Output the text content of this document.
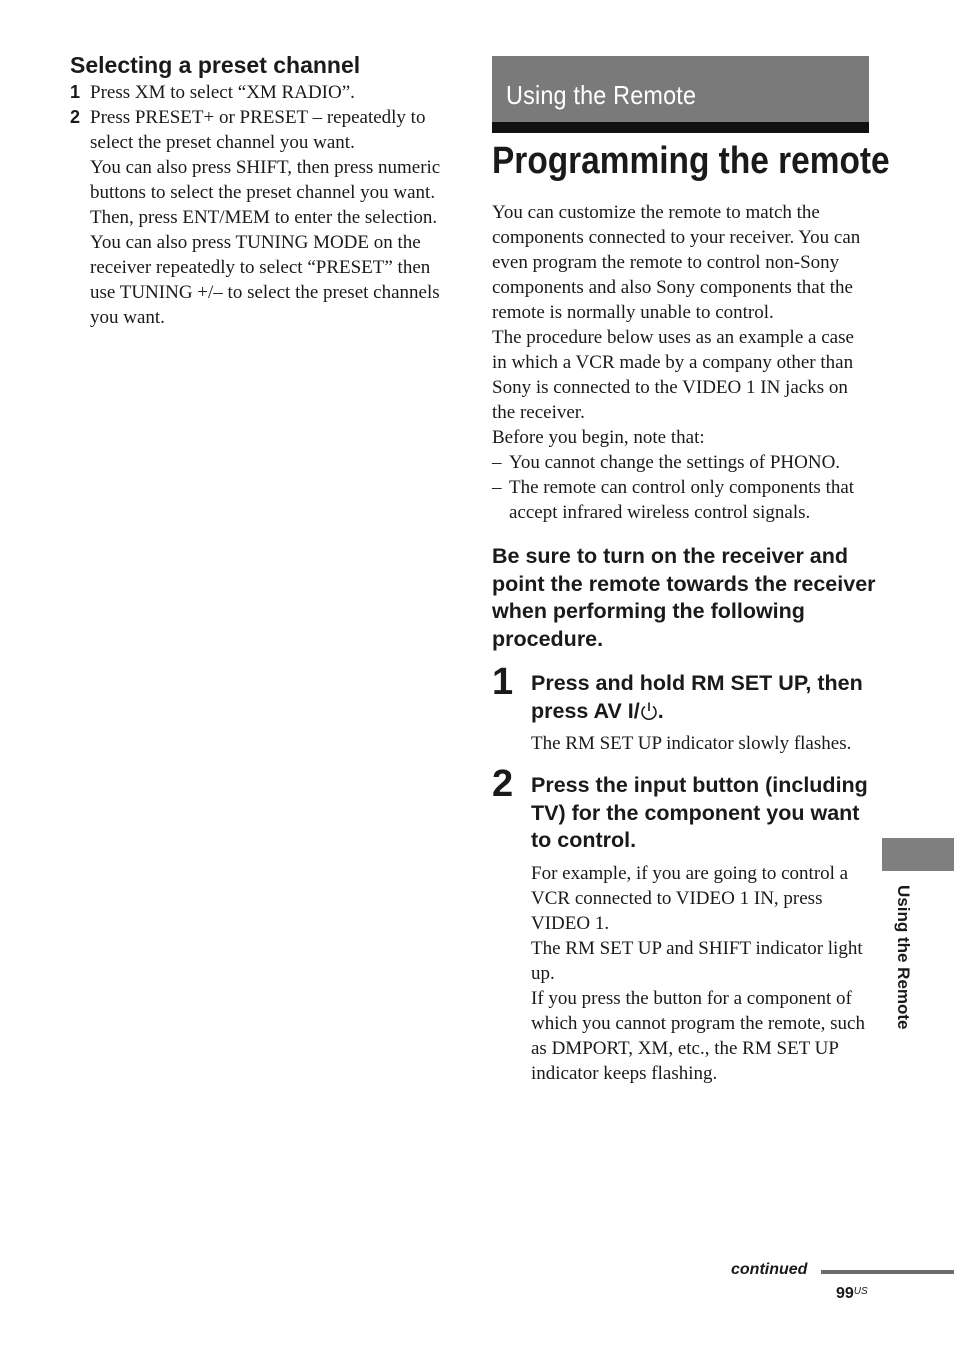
Selecting a preset channel
1 Press XM to select “XM RADIO”.

2 Press PRESET+ or PRESET – repeatedly to select the preset channel you want.

You can also press SHIFT, then press numeric buttons to select the preset channel you want. Then, press ENT/MEM to enter the selection.

You can also press TUNING MODE on the receiver repeatedly to select “PRESET” then use TUNING +/– to select the preset channels you want.

Using the Remote
Programming the remote

You can customize the remote to match the components connected to your receiver. You can even program the remote to control non-Sony components and also Sony components that the remote is normally unable to control.

The procedure below uses as an example a case in which a VCR made by a company other than Sony is connected to the VIDEO 1 IN jacks on the receiver.

Before you begin, note that:

– You cannot change the settings of PHONO.
– The remote can control only components that accept infrared wireless control signals.

Be sure to turn on the receiver and point the remote towards the receiver when performing the following procedure.

1 Press and hold RM SET UP, then press AV I/ .

The RM SET UP indicator slowly flashes.

2 Press the input button (including TV) for the component you want to control.

For example, if you are going to control a VCR connected to VIDEO 1 IN, press VIDEO 1.

The RM SET UP and SHIFT indicator light up.

If you press the button for a component of which you cannot program the remote, such as DMPORT, XM, etc., the RM SET UP indicator keeps flashing.

Using the Remote
continued
$99^{US}$
